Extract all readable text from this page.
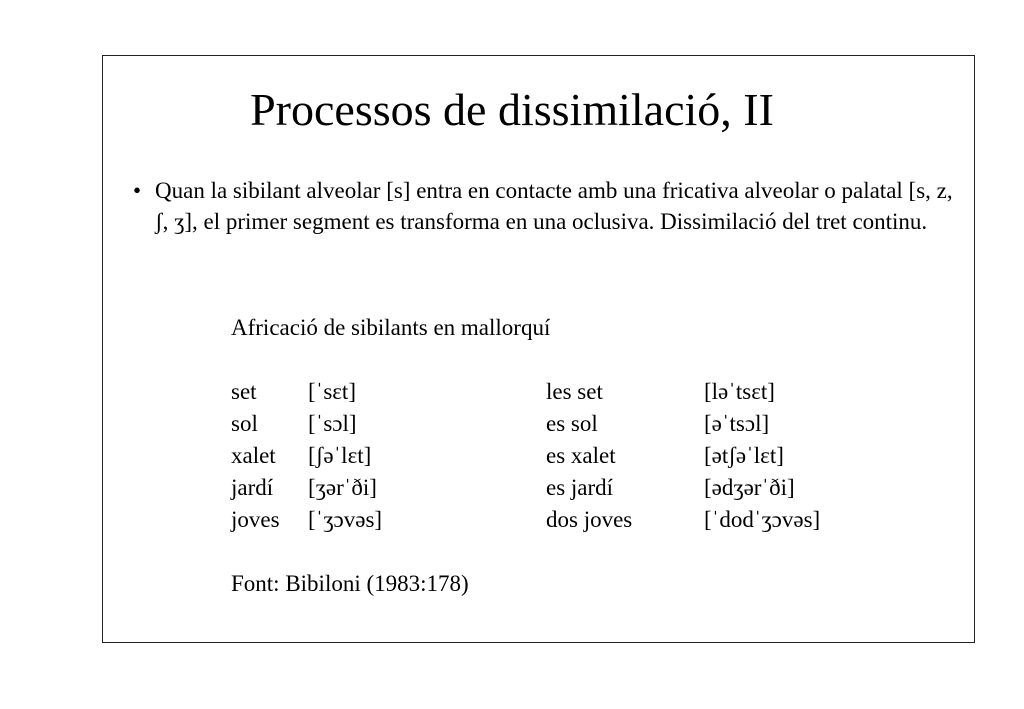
Processos de dissimilació, II
• Quan la sibilant alveolar [s] entra en contacte amb una fricativa alveolar o palatal [s, z, ʃ, ʒ], el primer segment es transforma en una oclusiva. Dissimilació del tret continu.
Africació de sibilants en mallorquí
set [ˈsɛt]	les set	[ləˈtsɛt]
sol [ˈsɔl]	es sol	[əˈtsɔl]
xalet [ʃəˈlɛt]	es xalet	[ətʃəˈlɛt]
jardí [ʒərˈði]	es jardí	[ədʒərˈði]
joves [ˈʒɔvəs]	dos joves	[ˈdodˈʒɔvəs]
Font: Bibiloni (1983:178)
